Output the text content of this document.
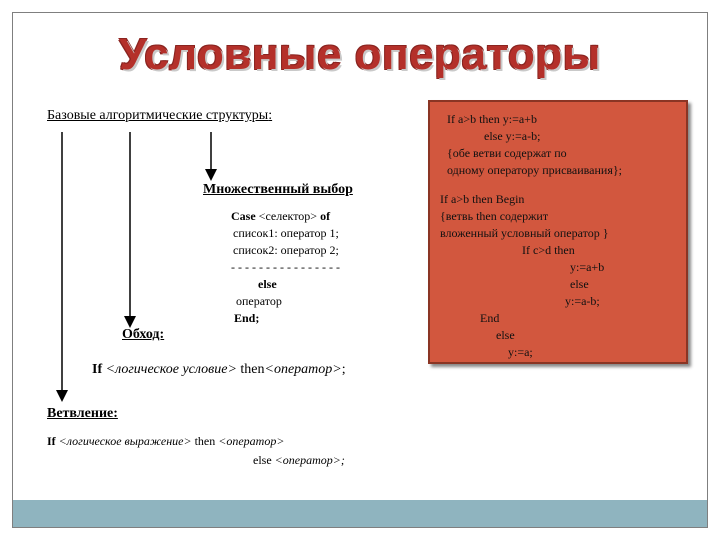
Условные операторы
Базовые алгоритмические структуры:
Множественный выбор
Case <селектор> of
список1: оператор 1;
список2: оператор 2;
- - - - - - - - - - - - - - - -
else
оператор
End;
Обход:
If <логическое условие> then<оператор>;
Ветвление:
If <логическое выражение> then <оператор>
else <оператор>;
If a>b then y:=a+b
else y:=a-b;
{обе ветви содержат по
одному оператору присваивания};
If a>b then Begin
{ветвь then содержит
вложенный условный оператор }
If c>d then
y:=a+b
else
y:=a-b;
End
else
y:=a;
